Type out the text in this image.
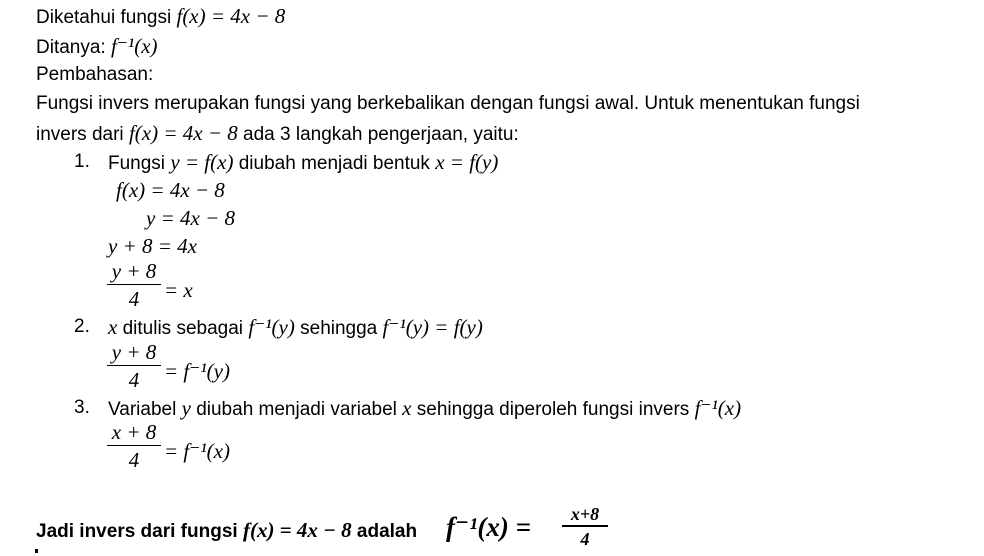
Diketahui fungsi f(x) = 4x − 8
Ditanya: f⁻¹(x)
Pembahasan:
Fungsi invers merupakan fungsi yang berkebalikan dengan fungsi awal. Untuk menentukan fungsi
invers dari f(x) = 4x − 8 ada 3 langkah pengerjaan, yaitu:
1. Fungsi y = f(x) diubah menjadi bentuk x = f(y)
f(x) = 4x − 8
y = 4x − 8
y + 8 = 4x
y + 8
4	= x
2. x ditulis sebagai f⁻¹(y) sehingga f⁻¹(y) = f(y)
y + 8
4	= f⁻¹(y)
3. Variabel y diubah menjadi variabel x sehingga diperoleh fungsi invers f⁻¹(x)
x + 8
4	= f⁻¹(x)
Jadi invers dari fungsi f(x) = 4x − 8 adalah f⁻¹(x) =	x+8
4
